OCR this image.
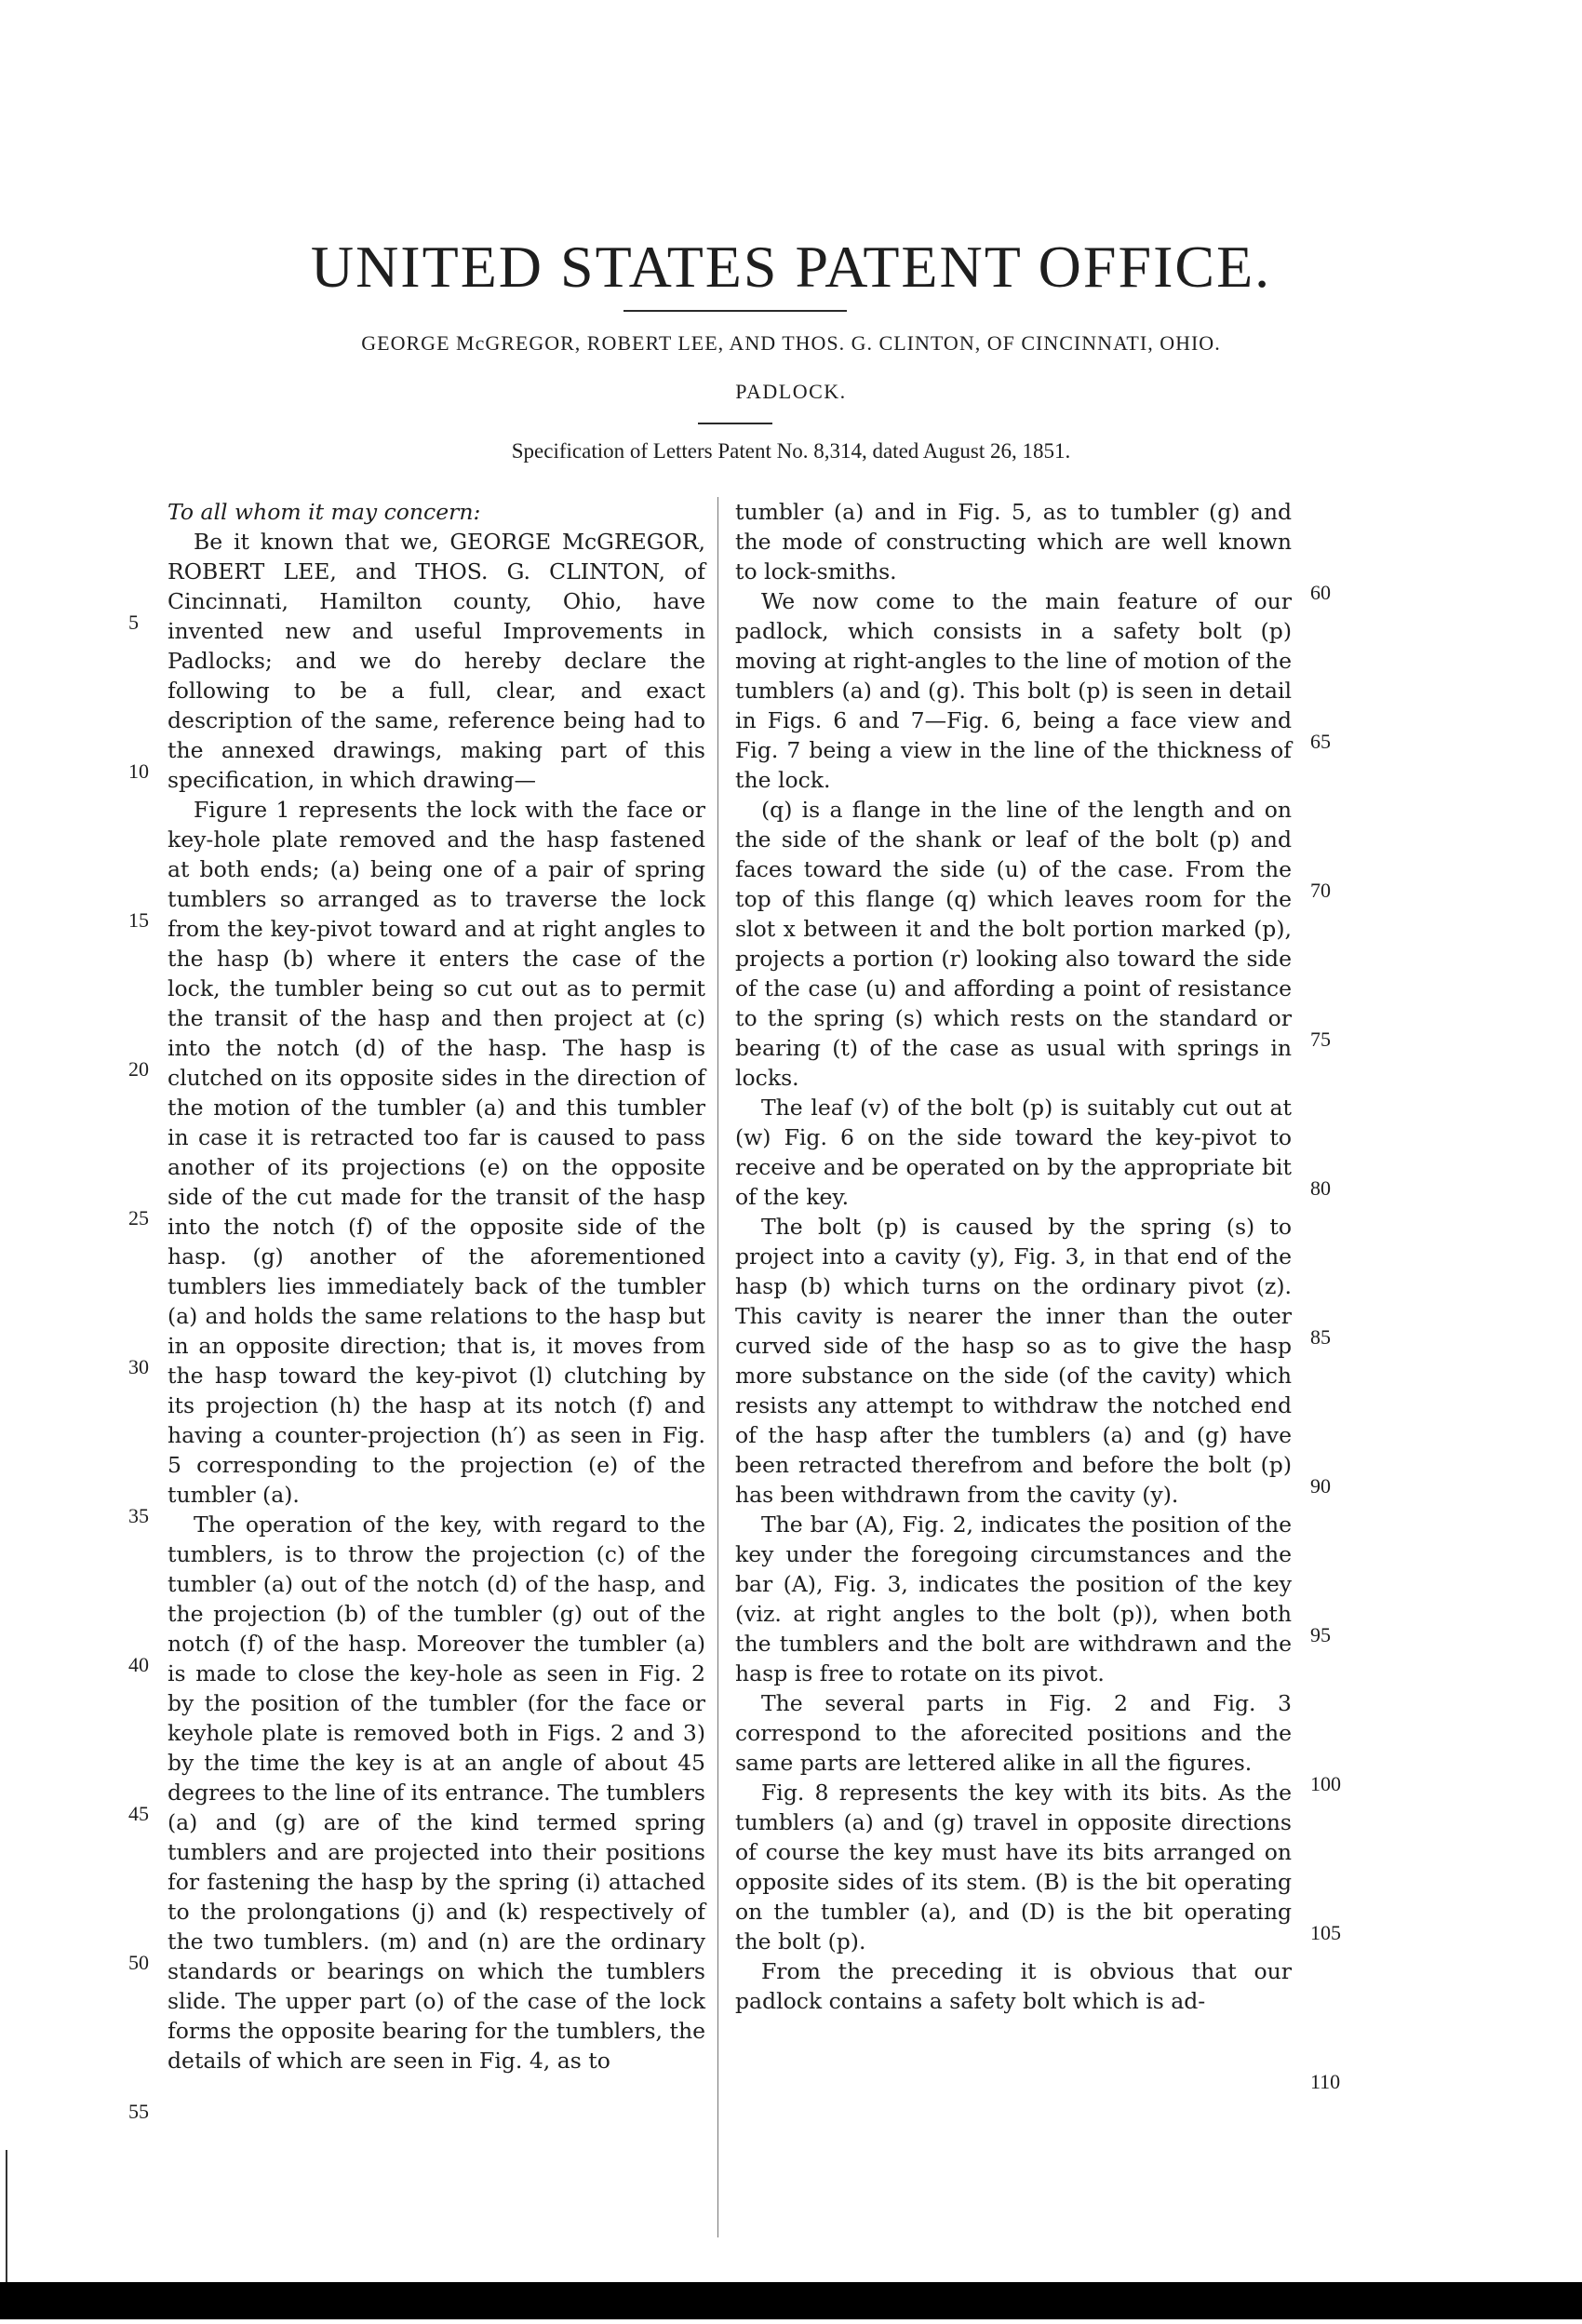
UNITED STATES PATENT OFFICE.
GEORGE McGREGOR, ROBERT LEE, AND THOS. G. CLINTON, OF CINCINNATI, OHIO.
PADLOCK.
Specification of Letters Patent No. 8,314, dated August 26, 1851.

To all whom it may concern:

Be it known that we, GEORGE McGREGOR, ROBERT LEE, and THOS. G. CLINTON, of Cincinnati, Hamilton county, Ohio, have invented new and useful Improvements in Padlocks; and we do hereby declare the following to be a full, clear, and exact description of the same, reference being had to the annexed drawings, making part of this specification, in which drawing—

Figure 1 represents the lock with the face or key-hole plate removed and the hasp fastened at both ends; (a) being one of a pair of spring tumblers so arranged as to traverse the lock from the key-pivot toward and at right angles to the hasp (b) where it enters the case of the lock, the tumbler being so cut out as to permit the transit of the hasp and then project at (c) into the notch (d) of the hasp. The hasp is clutched on its opposite sides in the direction of the motion of the tumbler (a) and this tumbler in case it is retracted too far is caused to pass another of its projections (e) on the opposite side of the cut made for the transit of the hasp into the notch (f) of the opposite side of the hasp. (g) another of the aforementioned tumblers lies immediately back of the tumbler (a) and holds the same relations to the hasp but in an opposite direction; that is, it moves from the hasp toward the key-pivot (l) clutching by its projection (h) the hasp at its notch (f) and having a counter-projection (h′) as seen in Fig. 5 corresponding to the projection (e) of the tumbler (a).

The operation of the key, with regard to the tumblers, is to throw the projection (c) of the tumbler (a) out of the notch (d) of the hasp, and the projection (b) of the tumbler (g) out of the notch (f) of the hasp. Moreover the tumbler (a) is made to close the key-hole as seen in Fig. 2 by the position of the tumbler (for the face or keyhole plate is removed both in Figs. 2 and 3) by the time the key is at an angle of about 45 degrees to the line of its entrance. The tumblers (a) and (g) are of the kind termed spring tumblers and are projected into their positions for fastening the hasp by the spring (i) attached to the prolongations (j) and (k) respectively of the two tumblers. (m) and (n) are the ordinary standards or bearings on which the tumblers slide. The upper part (o) of the case of the lock forms the opposite bearing for the tumblers, the details of which are seen in Fig. 4, as to

tumbler (a) and in Fig. 5, as to tumbler (g) and the mode of constructing which are well known to lock-smiths.

We now come to the main feature of our padlock, which consists in a safety bolt (p) moving at right-angles to the line of motion of the tumblers (a) and (g). This bolt (p) is seen in detail in Figs. 6 and 7—Fig. 6, being a face view and Fig. 7 being a view in the line of the thickness of the lock.

(q) is a flange in the line of the length and on the side of the shank or leaf of the bolt (p) and faces toward the side (u) of the case. From the top of this flange (q) which leaves room for the slot x between it and the bolt portion marked (p), projects a portion (r) looking also toward the side of the case (u) and affording a point of resistance to the spring (s) which rests on the standard or bearing (t) of the case as usual with springs in locks.

The leaf (v) of the bolt (p) is suitably cut out at (w) Fig. 6 on the side toward the key-pivot to receive and be operated on by the appropriate bit of the key.

The bolt (p) is caused by the spring (s) to project into a cavity (y), Fig. 3, in that end of the hasp (b) which turns on the ordinary pivot (z). This cavity is nearer the inner than the outer curved side of the hasp so as to give the hasp more substance on the side (of the cavity) which resists any attempt to withdraw the notched end of the hasp after the tumblers (a) and (g) have been retracted therefrom and before the bolt (p) has been withdrawn from the cavity (y).

The bar (A), Fig. 2, indicates the position of the key under the foregoing circumstances and the bar (A), Fig. 3, indicates the position of the key (viz. at right angles to the bolt (p)), when both the tumblers and the bolt are withdrawn and the hasp is free to rotate on its pivot.

The several parts in Fig. 2 and Fig. 3 correspond to the aforecited positions and the same parts are lettered alike in all the figures.

Fig. 8 represents the key with its bits. As the tumblers (a) and (g) travel in opposite directions of course the key must have its bits arranged on opposite sides of its stem. (B) is the bit operating on the tumbler (a), and (D) is the bit operating the bolt (p).

From the preceding it is obvious that our padlock contains a safety bolt which is ad-

5
10
15
20
25
30
35
40
45
50
55
60
65
70
75
80
85
90
95
100
105
110
